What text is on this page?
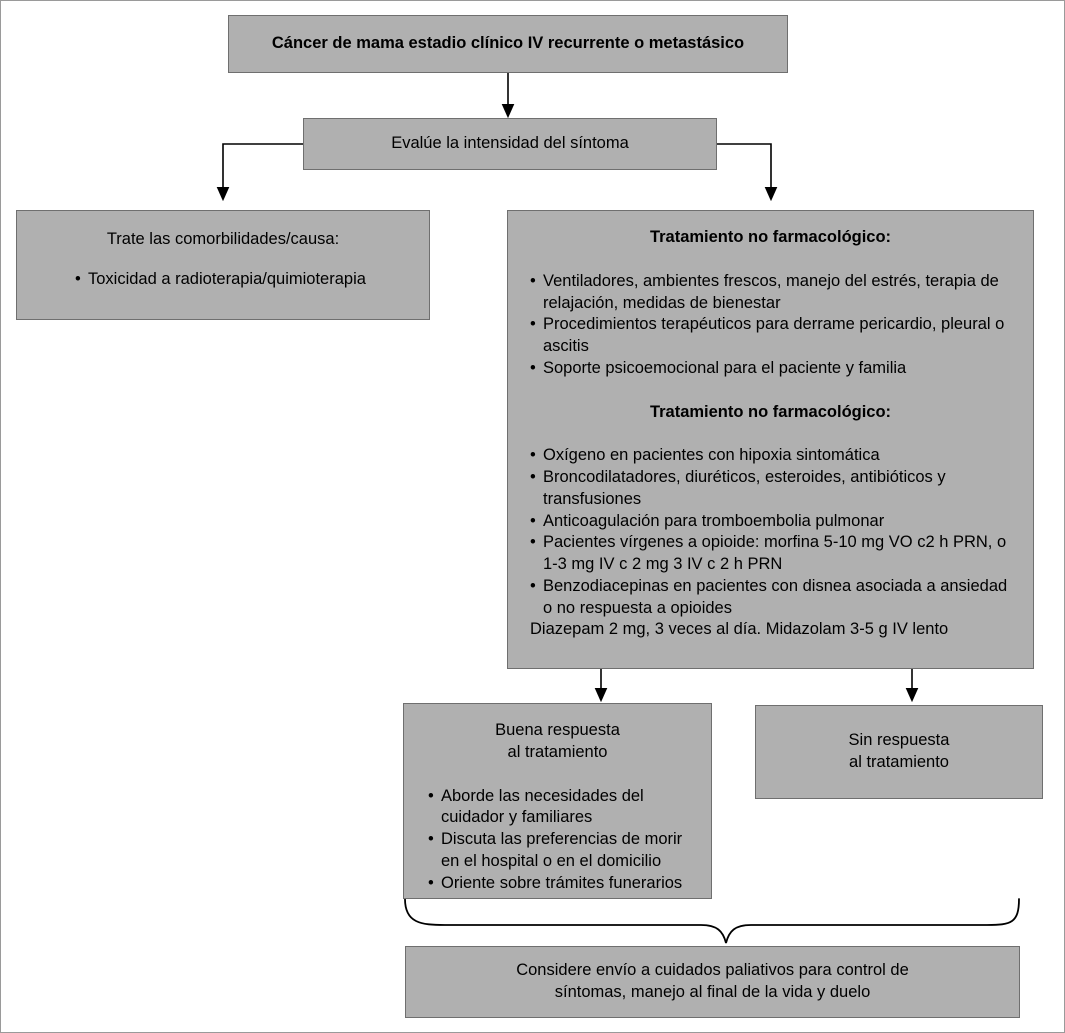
Cáncer de mama estadio clínico IV recurrente o metastásico
Evalúe la intensidad del síntoma
Trate las comorbilidades/causa:
• Toxicidad a radioterapia/quimioterapia
Tratamiento no farmacológico:
• Ventiladores, ambientes frescos, manejo del estrés, terapia de relajación, medidas de bienestar
• Procedimientos terapéuticos para derrame pericardio, pleural o ascitis
• Soporte psicoemocional para el paciente y familia
Tratamiento no farmacológico:
• Oxígeno en pacientes con hipoxia sintomática
• Broncodilatadores, diuréticos, esteroides, antibióticos y transfusiones
• Anticoagulación para tromboembolia pulmonar
• Pacientes vírgenes a opioide: morfina 5-10 mg VO c2 h PRN, o 1-3 mg IV c 2 mg 3 IV c 2 h PRN
• Benzodiacepinas en pacientes con disnea asociada a ansiedad o no respuesta a opioides
Diazepam 2 mg, 3 veces al día. Midazolam 3-5 g IV lento
Buena respuesta
al tratamiento
• Aborde las necesidades del cuidador y familiares
• Discuta las preferencias de morir en el hospital o en el domicilio
• Oriente sobre trámites funerarios
Sin respuesta
al tratamiento
Considere envío a cuidados paliativos para control de
síntomas, manejo al final de la vida y duelo
